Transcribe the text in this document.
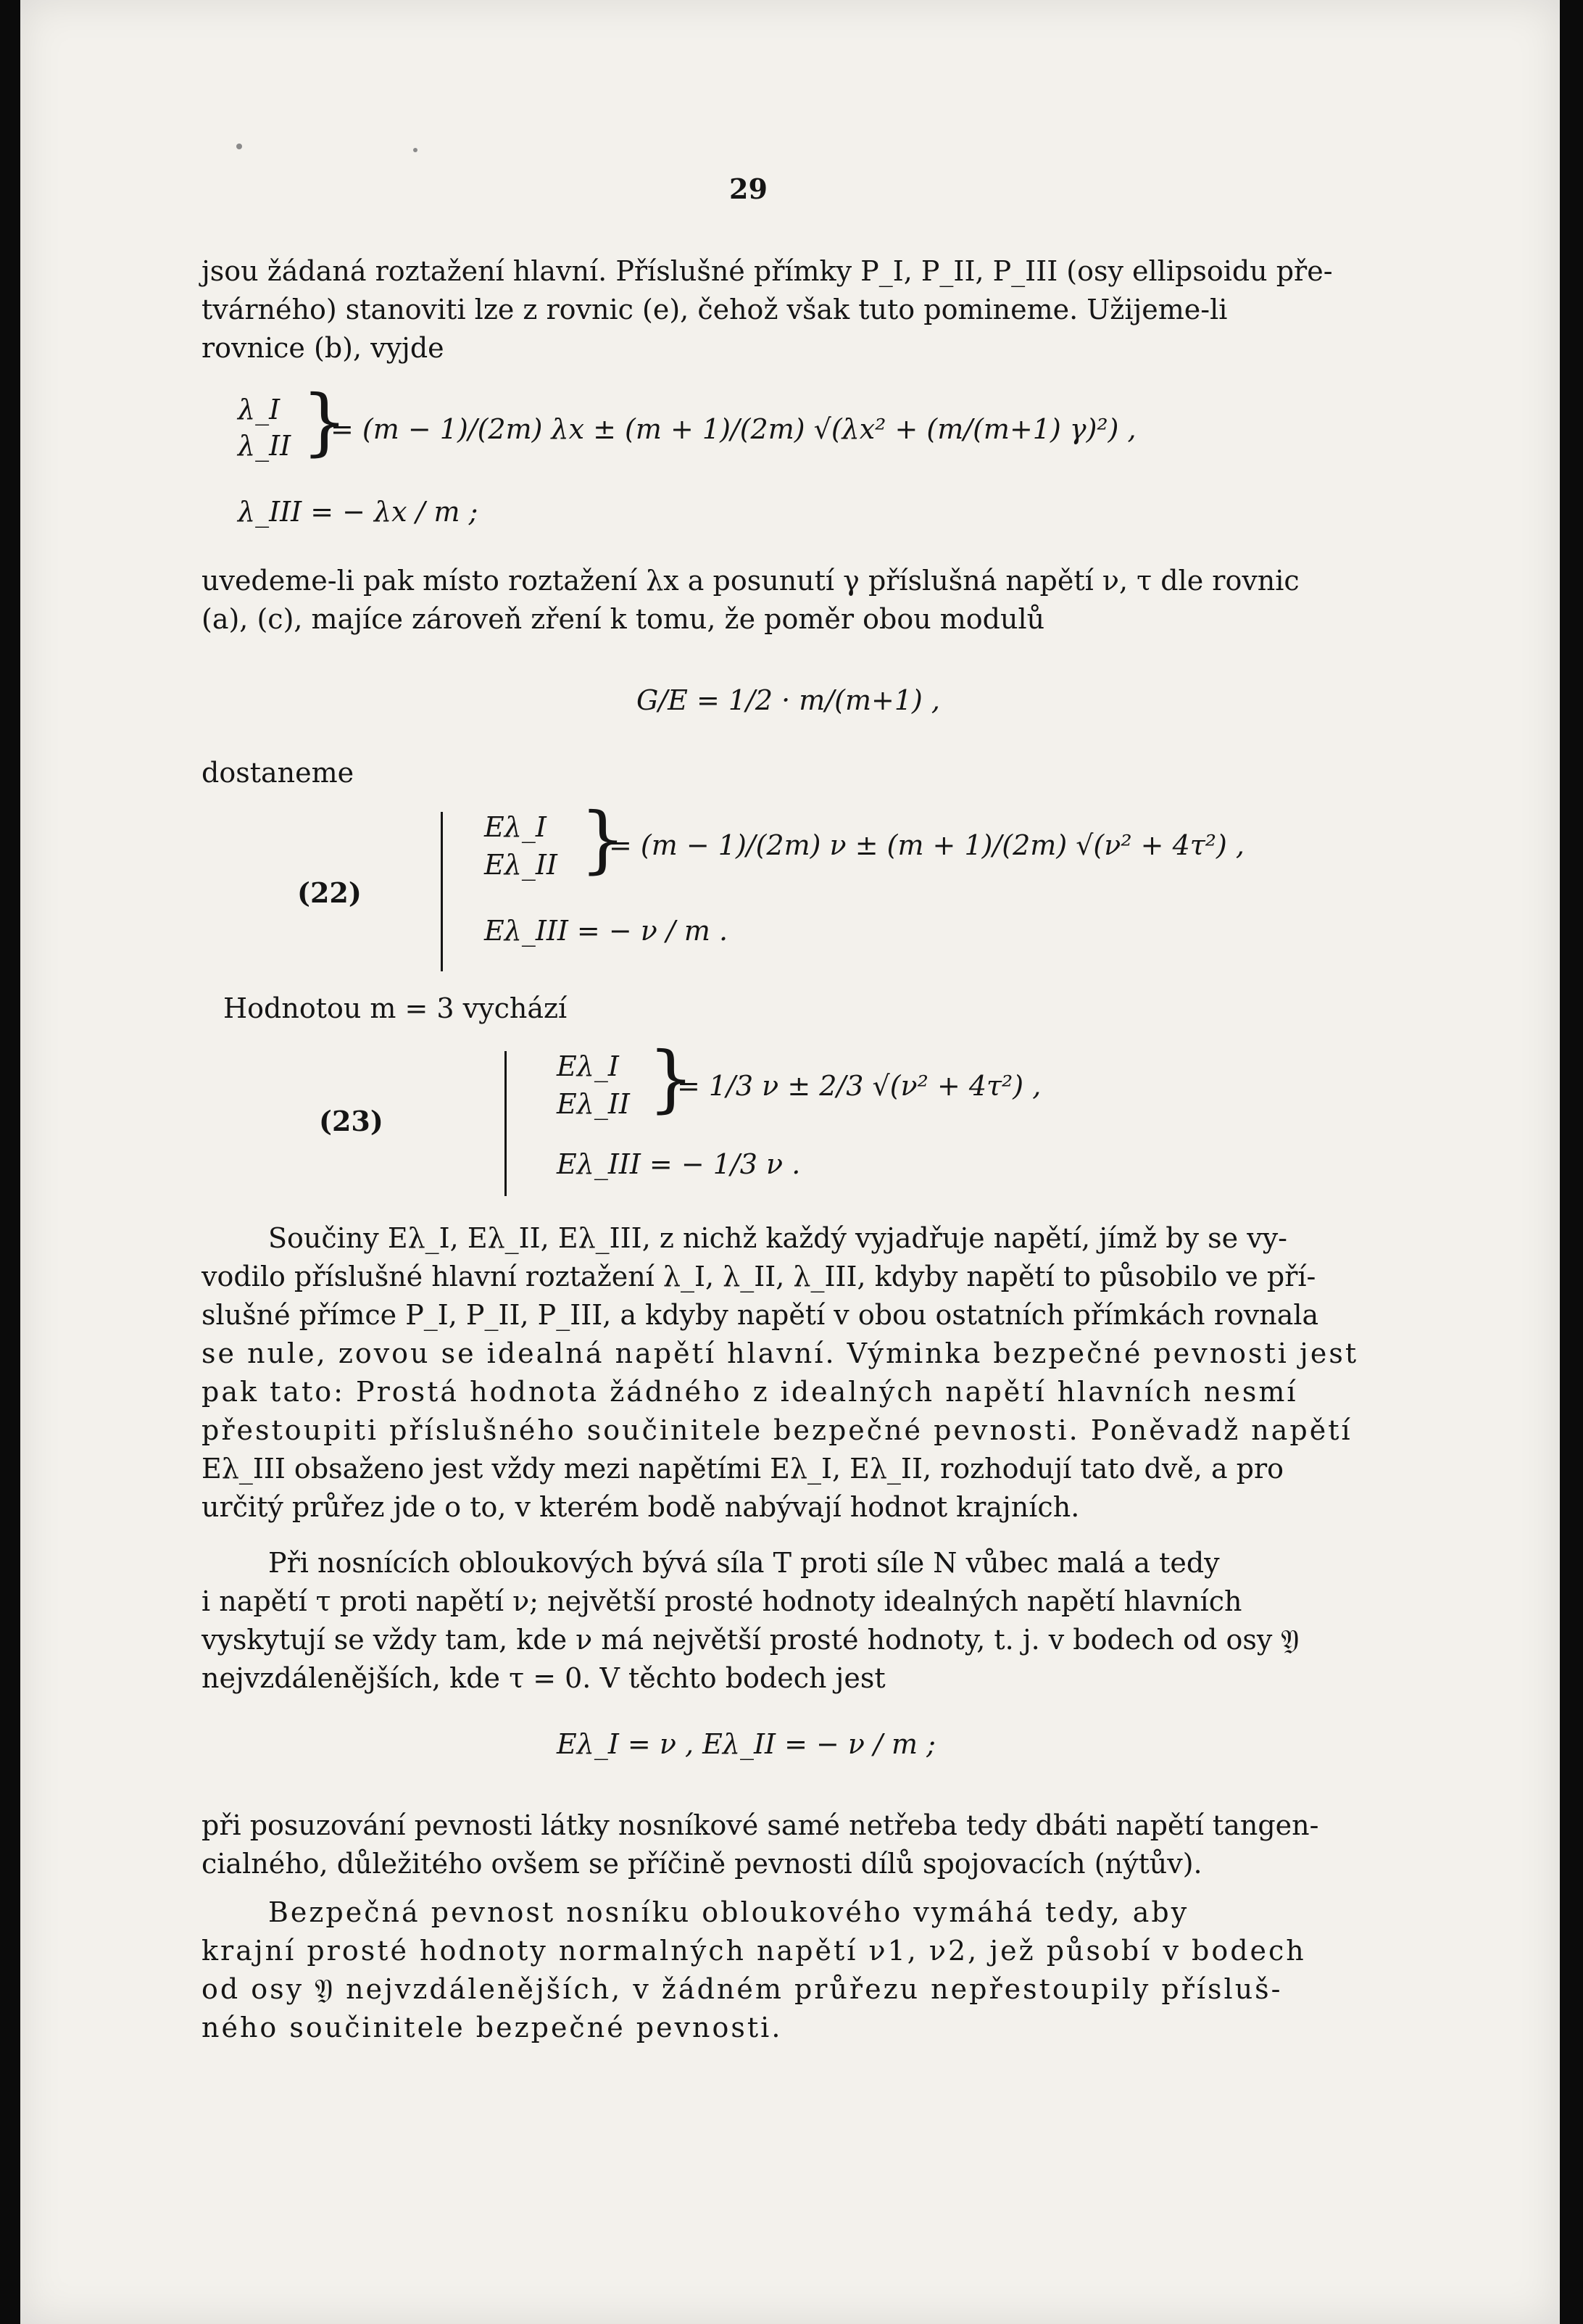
29
jsou žádaná roztažení hlavní. Příslušné přímky P_I, P_II, P_III (osy ellipsoidu pře-
tvárného) stanoviti lze z rovnic (e), čehož však tuto pomineme. Užijeme-li
rovnice (b), vyjde
λ_I
λ_II }
= (m − 1)/(2m) λx ± (m + 1)/(2m) √(λx² + (m/(m+1) γ)²) ,
λ_III = − λx / m ;
uvedeme-li pak místo roztažení λx a posunutí γ příslušná napětí ν, τ dle rovnic
(a), (c), majíce zároveň zření k tomu, že poměr obou modulů
G/E = 1/2 · m/(m+1) ,
dostaneme
(22)
Eλ_I
Eλ_II }
= (m − 1)/(2m) ν ± (m + 1)/(2m) √(ν² + 4τ²) ,
Eλ_III = − ν / m .
Hodnotou m = 3 vychází
(23)
Eλ_I
Eλ_II }
= 1/3 ν ± 2/3 √(ν² + 4τ²) ,
Eλ_III = − 1/3 ν .
Součiny Eλ_I, Eλ_II, Eλ_III, z nichž každý vyjadřuje napětí, jímž by se vy-
vodilo příslušné hlavní roztažení λ_I, λ_II, λ_III, kdyby napětí to působilo ve pří-
slušné přímce P_I, P_II, P_III, a kdyby napětí v obou ostatních přímkách rovnala
se nule, zovou se idealná napětí hlavní. Výminka bezpečné pevnosti jest
pak tato: Prostá hodnota žádného z idealných napětí hlavních nesmí
přestoupiti příslušného součinitele bezpečné pevnosti. Poněvadž napětí
Eλ_III obsaženo jest vždy mezi napětími Eλ_I, Eλ_II, rozhodují tato dvě, a pro
určitý průřez jde o to, v kterém bodě nabývají hodnot krajních.
Při nosnících obloukových bývá síla T proti síle N vůbec malá a tedy
i napětí τ proti napětí ν; největší prosté hodnoty idealných napětí hlavních
vyskytují se vždy tam, kde ν má největší prosté hodnoty, t. j. v bodech od osy 𝔜
nejvzdálenějších, kde τ = 0. V těchto bodech jest
Eλ_I = ν , Eλ_II = − ν / m ;
při posuzování pevnosti látky nosníkové samé netřeba tedy dbáti napětí tangen-
cialného, důležitého ovšem se příčině pevnosti dílů spojovacích (nýtův).
Bezpečná pevnost nosníku obloukového vymáhá tedy, aby
krajní prosté hodnoty normalných napětí ν1, ν2, jež působí v bodech
od osy 𝔜 nejvzdálenějších, v žádném průřezu nepřestoupily přísluš-
ného součinitele bezpečné pevnosti.
